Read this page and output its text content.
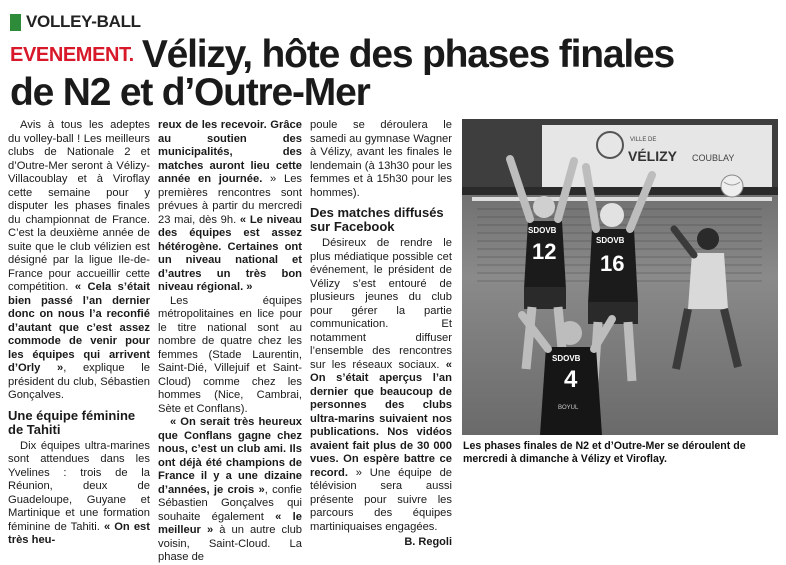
VOLLEY-BALL
EVENEMENT. Vélizy, hôte des phases finales
de N2 et d’Outre-Mer

Avis à tous les adeptes du volley-ball ! Les meilleurs clubs de Nationale 2 et d’Outre-Mer seront à Vélizy-Villacoublay et à Viroflay cette semaine pour y disputer les phases finales du championnat de France. C’est la deuxième année de suite que le club vélizien est désigné par la ligue Ile-de-France pour accueillir cette compétition. « Cela s’était bien passé l’an dernier donc on nous l’a reconfié d’autant que c’est assez commode de venir pour les équipes qui arrivent d’Orly », explique le président du club, Sébastien Gonçalves.

Une équipe féminine de Tahiti

Dix équipes ultra-marines sont attendues dans les Yvelines : trois de la Réunion, deux de Guadeloupe, Guyane et Martinique et une formation féminine de Tahiti. « On est très heu-

reux de les recevoir. Grâce au soutien des municipalités, des matches auront lieu cette année en journée. » Les premières rencontres sont prévues à partir du mercredi 23 mai, dès 9h. « Le niveau des équipes est assez hétérogène. Certaines ont un niveau national et d’autres un très bon niveau régional. »

Les équipes métropolitaines en lice pour le titre national sont au nombre de quatre chez les femmes (Stade Laurentin, Saint-Dié, Villejuif et Saint-Cloud) comme chez les hommes (Nice, Cambrai, Sète et Conflans).

« On serait très heureux que Conflans gagne chez nous, c’est un club ami. Ils ont déjà été champions de France il y a une dizaine d’années, je crois », confie Sébastien Gonçalves qui souhaite également « le meilleur » à un autre club voisin, Saint-Cloud. La phase de

poule se déroulera le samedi au gymnase Wagner à Vélizy, avant les finales le lendemain (à 13h30 pour les femmes et à 15h30 pour les hommes).

Des matches diffusés sur Facebook

Désireux de rendre le plus médiatique possible cet événement, le président de Vélizy s’est entouré de plusieurs jeunes du club pour gérer la partie communication. Et notamment diffuser l’ensemble des rencontres sur les réseaux sociaux. « On s’était aperçus l’an dernier que beaucoup de personnes des clubs ultra-marins suivaient nos publications. Nos vidéos avaient fait plus de 30 000 vues. On espère battre ce record. » Une équipe de télévision sera aussi présente pour suivre les parcours des équipes martiniquaises engagées.

B. Regoli
VILLE DE
VÉLIZY COUBLAY
SDOVB
12	SDOVB
16
SDOVB
4
BOYUL
Les phases finales de N2 et d’Outre-Mer se déroulent de mercredi à dimanche à Vélizy et Viroflay.
